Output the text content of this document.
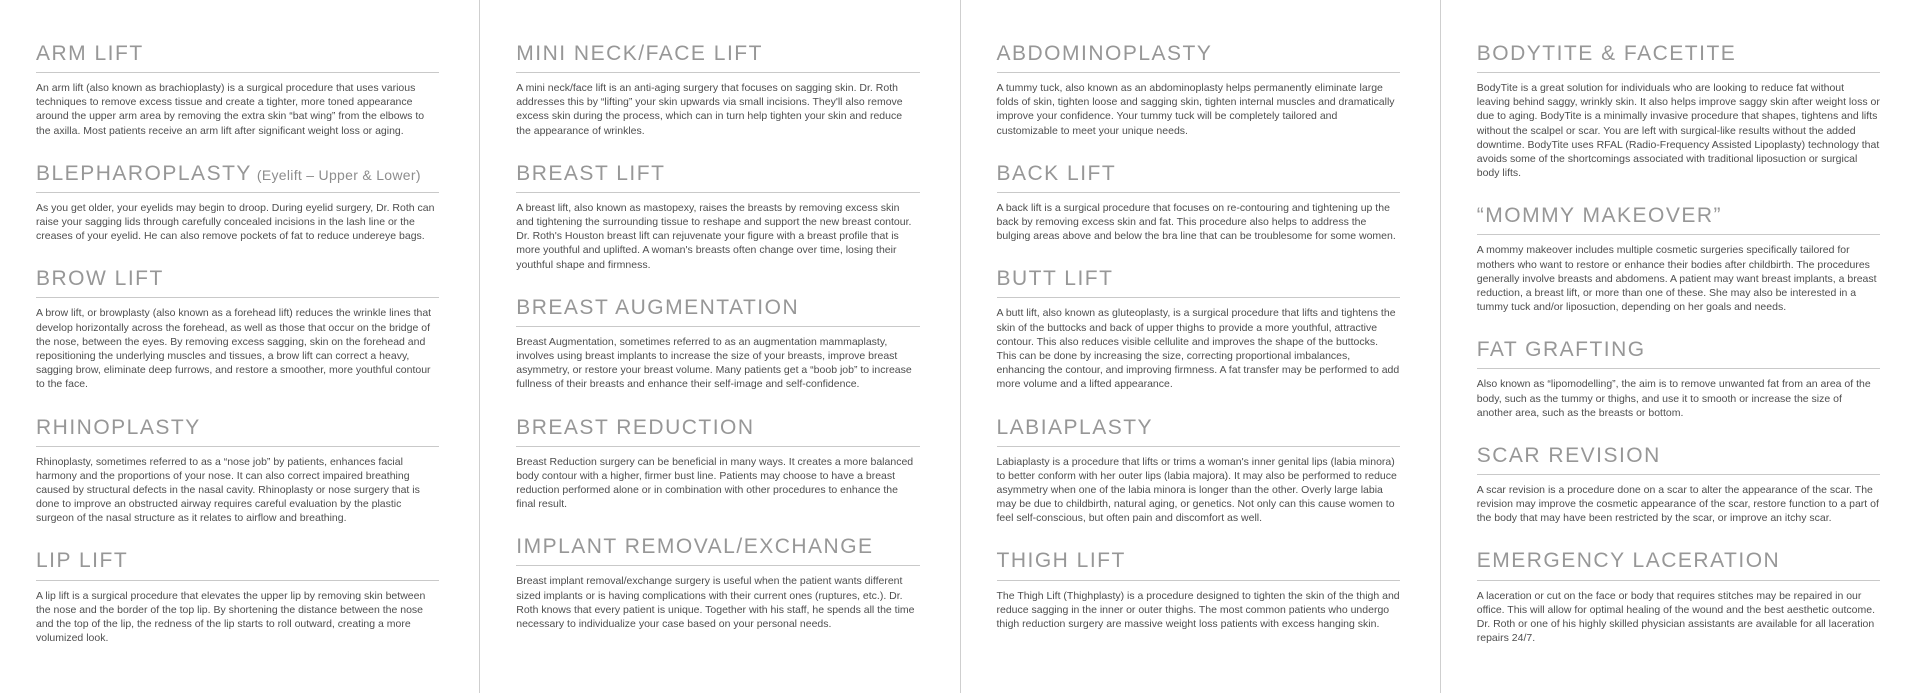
ARM LIFT

An arm lift (also known as brachioplasty) is a surgical procedure that uses various techniques to remove excess tissue and create a tighter, more toned appearance around the upper arm area by removing the extra skin “bat wing” from the elbows to the axilla. Most patients receive an arm lift after significant weight loss or aging.

BLEPHAROPLASTY (Eyelift – Upper & Lower)

As you get older, your eyelids may begin to droop. During eyelid surgery, Dr. Roth can raise your sagging lids through carefully concealed incisions in the lash line or the creases of your eyelid. He can also remove pockets of fat to reduce undereye bags.

BROW LIFT

A brow lift, or browplasty (also known as a forehead lift) reduces the wrinkle lines that develop horizontally across the forehead, as well as those that occur on the bridge of the nose, between the eyes. By removing excess sagging, skin on the forehead and repositioning the underlying muscles and tissues, a brow lift can correct a heavy, sagging brow, eliminate deep furrows, and restore a smoother, more youthful contour to the face.

RHINOPLASTY

Rhinoplasty, sometimes referred to as a “nose job” by patients, enhances facial harmony and the proportions of your nose. It can also correct impaired breathing caused by structural defects in the nasal cavity. Rhinoplasty or nose surgery that is done to improve an obstructed airway requires careful evaluation by the plastic surgeon of the nasal structure as it relates to airflow and breathing.

LIP LIFT

A lip lift is a surgical procedure that elevates the upper lip by removing skin between the nose and the border of the top lip. By shortening the distance between the nose and the top of the lip, the redness of the lip starts to roll outward, creating a more volumized look.

MINI NECK/FACE LIFT

A mini neck/face lift is an anti-aging surgery that focuses on sagging skin. Dr. Roth addresses this by “lifting” your skin upwards via small incisions. They'll also remove excess skin during the process, which can in turn help tighten your skin and reduce the appearance of wrinkles.

BREAST LIFT

A breast lift, also known as mastopexy, raises the breasts by removing excess skin and tightening the surrounding tissue to reshape and support the new breast contour. Dr. Roth's Houston breast lift can rejuvenate your figure with a breast profile that is more youthful and uplifted. A woman's breasts often change over time, losing their youthful shape and firmness.

BREAST AUGMENTATION

Breast Augmentation, sometimes referred to as an augmentation mammaplasty, involves using breast implants to increase the size of your breasts, improve breast asymmetry, or restore your breast volume. Many patients get a “boob job” to increase fullness of their breasts and enhance their self-image and self-confidence.

BREAST REDUCTION

Breast Reduction surgery can be beneficial in many ways. It creates a more balanced body contour with a higher, firmer bust line. Patients may choose to have a breast reduction performed alone or in combination with other procedures to enhance the final result.

IMPLANT REMOVAL/EXCHANGE

Breast implant removal/exchange surgery is useful when the patient wants different sized implants or is having complications with their current ones (ruptures, etc.). Dr. Roth knows that every patient is unique. Together with his staff, he spends all the time necessary to individualize your case based on your personal needs.

ABDOMINOPLASTY

A tummy tuck, also known as an abdominoplasty helps permanently eliminate large folds of skin, tighten loose and sagging skin, tighten internal muscles and dramatically improve your confidence. Your tummy tuck will be completely tailored and customizable to meet your unique needs.

BACK LIFT

A back lift is a surgical procedure that focuses on re-contouring and tightening up the back by removing excess skin and fat. This procedure also helps to address the bulging areas above and below the bra line that can be troublesome for some women.

BUTT LIFT

A butt lift, also known as gluteoplasty, is a surgical procedure that lifts and tightens the skin of the buttocks and back of upper thighs to provide a more youthful, attractive contour. This also reduces visible cellulite and improves the shape of the buttocks. This can be done by increasing the size, correcting proportional imbalances, enhancing the contour, and improving firmness. A fat transfer may be performed to add more volume and a lifted appearance.

LABIAPLASTY

Labiaplasty is a procedure that lifts or trims a woman's inner genital lips (labia minora) to better conform with her outer lips (labia majora). It may also be performed to reduce asymmetry when one of the labia minora is longer than the other. Overly large labia may be due to childbirth, natural aging, or genetics. Not only can this cause women to feel self-conscious, but often pain and discomfort as well.

THIGH LIFT

The Thigh Lift (Thighplasty) is a procedure designed to tighten the skin of the thigh and reduce sagging in the inner or outer thighs. The most common patients who undergo thigh reduction surgery are massive weight loss patients with excess hanging skin.

BODYTITE & FACETITE

BodyTite is a great solution for individuals who are looking to reduce fat without leaving behind saggy, wrinkly skin. It also helps improve saggy skin after weight loss or due to aging. BodyTite is a minimally invasive procedure that shapes, tightens and lifts without the scalpel or scar. You are left with surgical-like results without the added downtime. BodyTite uses RFAL (Radio-Frequency Assisted Lipoplasty) technology that avoids some of the shortcomings associated with traditional liposuction or surgical body lifts.

“MOMMY MAKEOVER”

A mommy makeover includes multiple cosmetic surgeries specifically tailored for mothers who want to restore or enhance their bodies after childbirth. The procedures generally involve breasts and abdomens. A patient may want breast implants, a breast reduction, a breast lift, or more than one of these. She may also be interested in a tummy tuck and/or liposuction, depending on her goals and needs.

FAT GRAFTING

Also known as “lipomodelling”, the aim is to remove unwanted fat from an area of the body, such as the tummy or thighs, and use it to smooth or increase the size of another area, such as the breasts or bottom.

SCAR REVISION

A scar revision is a procedure done on a scar to alter the appearance of the scar. The revision may improve the cosmetic appearance of the scar, restore function to a part of the body that may have been restricted by the scar, or improve an itchy scar.

EMERGENCY LACERATION

A laceration or cut on the face or body that requires stitches may be repaired in our office. This will allow for optimal healing of the wound and the best aesthetic outcome. Dr. Roth or one of his highly skilled physician assistants are available for all laceration repairs 24/7.
